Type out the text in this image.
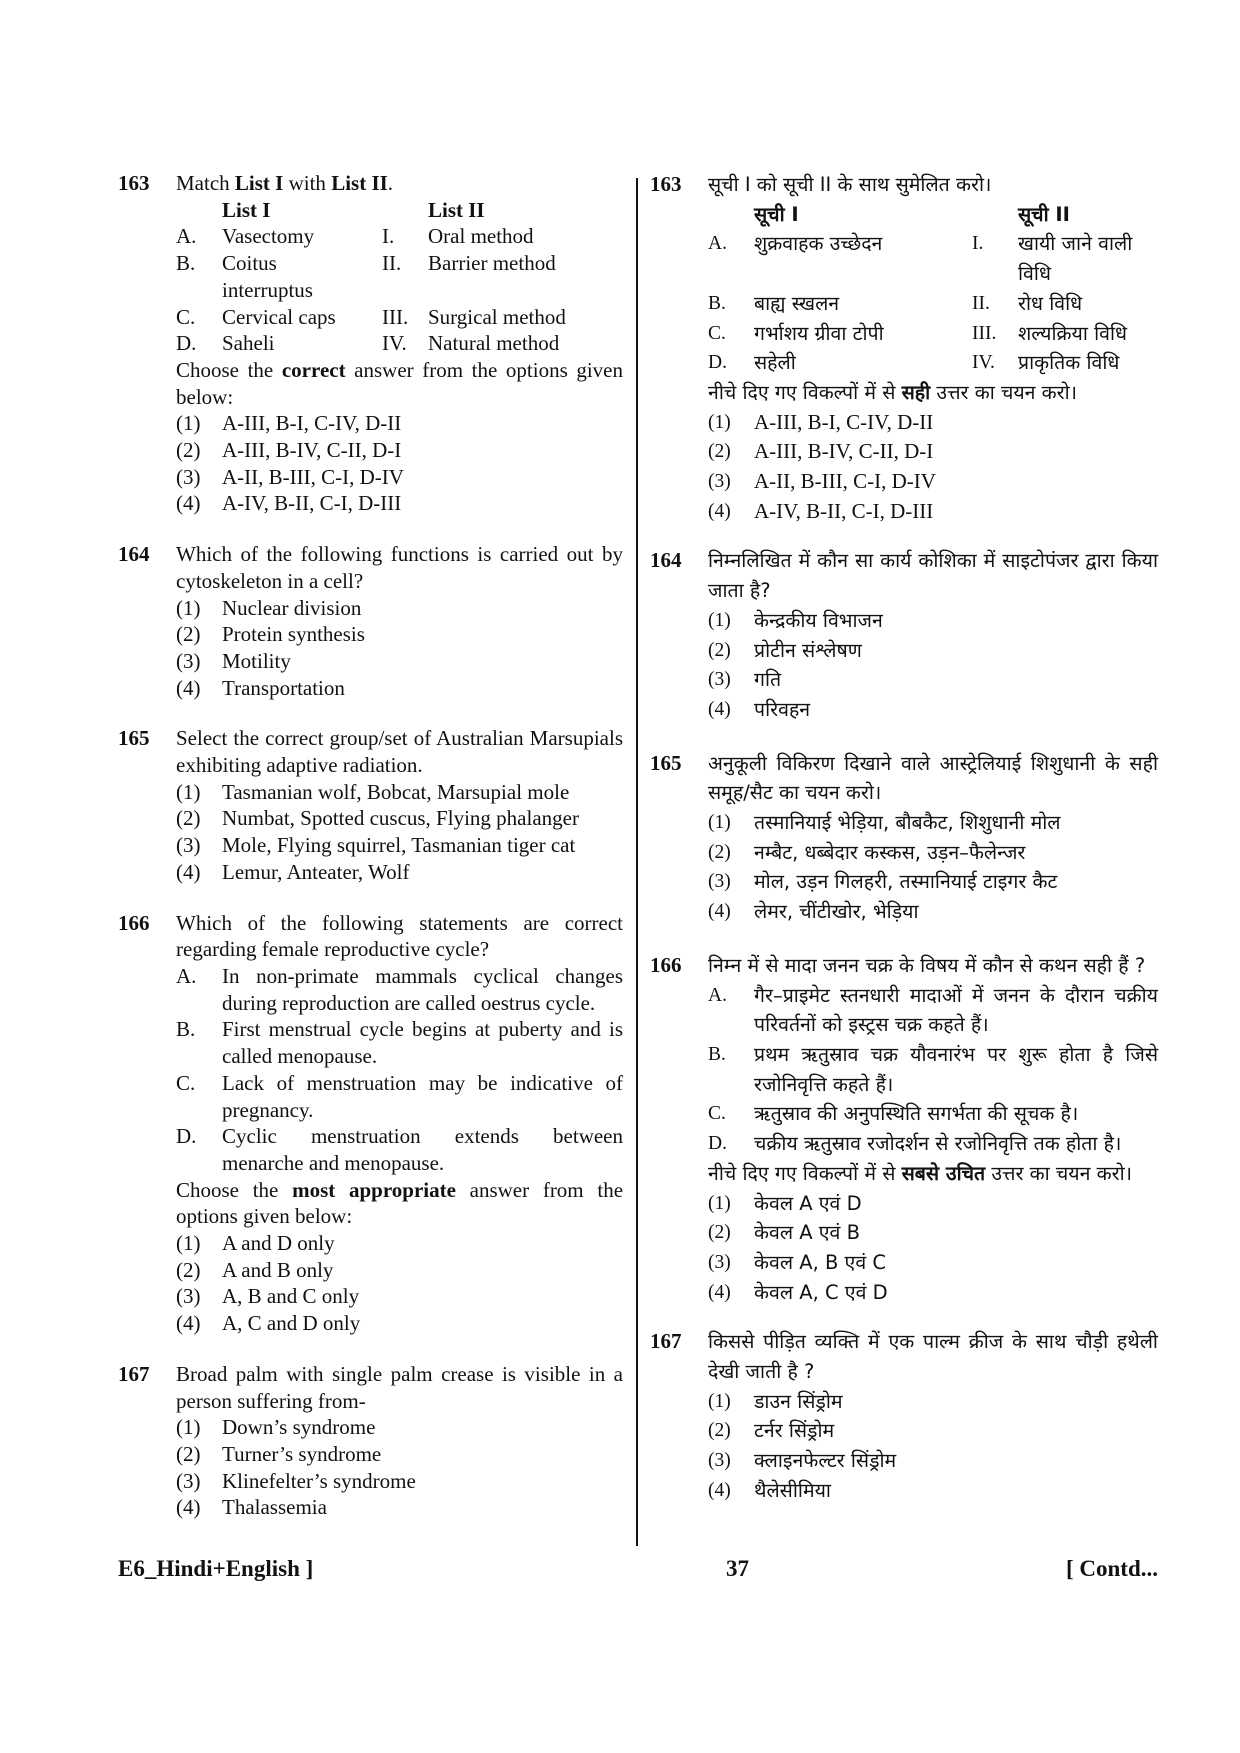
163 Match List I with List II.
List I	List II
A.	Vasectomy	I.	Oral method
B.	Coitus	II.	Barrier method
interruptus
C.	Cervical caps	III. Surgical method
D.	Saheli	IV.	Natural method
Choose the correct answer from the options given below:
(1)	A-III, B-I, C-IV, D-II
(2)	A-III, B-IV, C-II, D-I
(3)	A-II, B-III, C-I, D-IV
(4)	A-IV, B-II, C-I, D-III
164 Which of the following functions is carried out by cytoskeleton in a cell?
(1)	Nuclear division
(2)	Protein synthesis
(3)	Motility
(4)	Transportation
165 Select the correct group/set of Australian Marsupials exhibiting adaptive radiation.
(1)	Tasmanian wolf, Bobcat, Marsupial mole
(2)	Numbat, Spotted cuscus, Flying phalanger
(3)	Mole, Flying squirrel, Tasmanian tiger cat
(4)	Lemur, Anteater, Wolf
166 Which of the following statements are correct regarding female reproductive cycle?
A.	In non-primate mammals cyclical changes during reproduction are called oestrus cycle.
B.	First menstrual cycle begins at puberty and is called menopause.
C.	Lack of menstruation may be indicative of pregnancy.
D.	Cyclic menstruation extends between menarche and menopause.
Choose the most appropriate answer from the options given below:
(1)	A and D only
(2)	A and B only
(3)	A, B and C only
(4)	A, C and D only
167 Broad palm with single palm crease is visible in a person suffering from-
(1)	Down’s syndrome
(2)	Turner’s syndrome
(3)	Klinefelter’s syndrome
(4)	Thalassemia
163 सूची I को सूची II के साथ सुमेलित करो।
सूची I	सूची II
A.	शुक्रवाहक उच्छेदन	I.	खायी जाने वाली विधि
B.	बाह्य स्खलन	II.	रोध विधि
C.	गर्भाशय ग्रीवा टोपी	III.	शल्यक्रिया विधि
D.	सहेली	IV.	प्राकृतिक विधि
नीचे दिए गए विकल्पों में से सही उत्तर का चयन करो।
(1)	A-III, B-I, C-IV, D-II
(2)	A-III, B-IV, C-II, D-I
(3)	A-II, B-III, C-I, D-IV
(4)	A-IV, B-II, C-I, D-III
164 निम्नलिखित में कौन सा कार्य कोशिका में साइटोपंजर द्वारा किया जाता है?
(1)	केन्द्रकीय विभाजन
(2)	प्रोटीन संश्लेषण
(3)	गति
(4)	परिवहन
165 अनुकूली विकिरण दिखाने वाले आस्ट्रेलियाई शिशुधानी के सही समूह/सैट का चयन करो।
(1)	तस्मानियाई भेड़िया, बौबकैट, शिशुधानी मोल
(2)	नम्बैट, धब्बेदार कस्कस, उड़न–फैलेन्जर
(3)	मोल, उड़न गिलहरी, तस्मानियाई टाइगर कैट
(4)	लेमर, चींटीखोर, भेड़िया
166 निम्न में से मादा जनन चक्र के विषय में कौन से कथन सही हैं ?
A.	गैर–प्राइमेट स्तनधारी मादाओं में जनन के दौरान चक्रीय परिवर्तनों को इस्ट्रस चक्र कहते हैं।
B.	प्रथम ऋतुस्राव चक्र यौवनारंभ पर शुरू होता है जिसे रजोनिवृत्ति कहते हैं।
C.	ऋतुस्राव की अनुपस्थिति सगर्भता की सूचक है।
D.	चक्रीय ऋतुस्राव रजोदर्शन से रजोनिवृत्ति तक होता है।
नीचे दिए गए विकल्पों में से सबसे उचित उत्तर का चयन करो।
(1)	केवल A एवं D
(2)	केवल A एवं B
(3)	केवल A, B एवं C
(4)	केवल A, C एवं D
167 किससे पीड़ित व्यक्ति में एक पाल्म क्रीज के साथ चौड़ी हथेली देखी जाती है ?
(1)	डाउन सिंड्रोम
(2)	टर्नर सिंड्रोम
(3)	क्लाइनफेल्टर सिंड्रोम
(4)	थैलेसीमिया
E6_Hindi+English ]	37	[ Contd...
